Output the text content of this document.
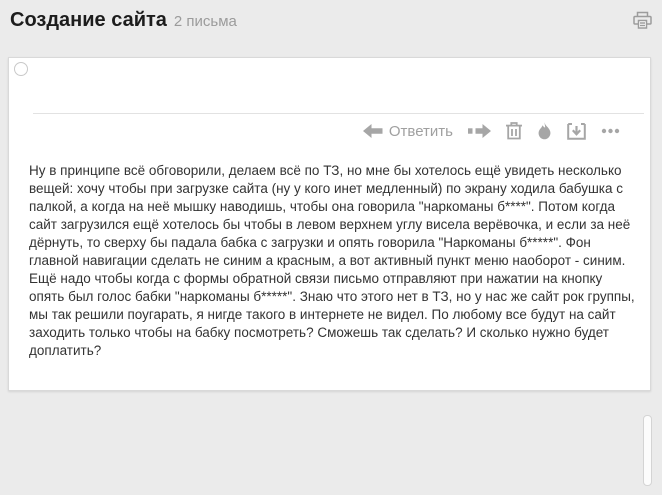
Создание сайта 2 письма
Ответить
Ну в принципе всё обговорили, делаем всё по ТЗ, но мне бы хотелось ещё увидеть несколько вещей: хочу чтобы при загрузке сайта (ну у кого инет медленный) по экрану ходила бабушка с палкой, а когда на неё мышку наводишь, чтобы она говорила "наркоманы б****". Потом когда сайт загрузился ещё хотелось бы чтобы в левом верхнем углу висела верёвочка, и если за неё дёрнуть, то сверху бы падала бабка с загрузки и опять говорила "Наркоманы б*****". Фон главной навигации сделать не синим а красным, а вот активный пункт меню наоборот - синим. Ещё надо чтобы когда с формы обратной связи письмо отправляют при нажатии на кнопку опять был голос бабки "наркоманы б*****". Знаю что этого нет в ТЗ, но у нас же сайт рок группы, мы так решили поугарать, я нигде такого в интернете не видел. По любому все будут на сайт заходить только чтобы на бабку посмотреть? Сможешь так сделать? И сколько нужно будет доплатить?
